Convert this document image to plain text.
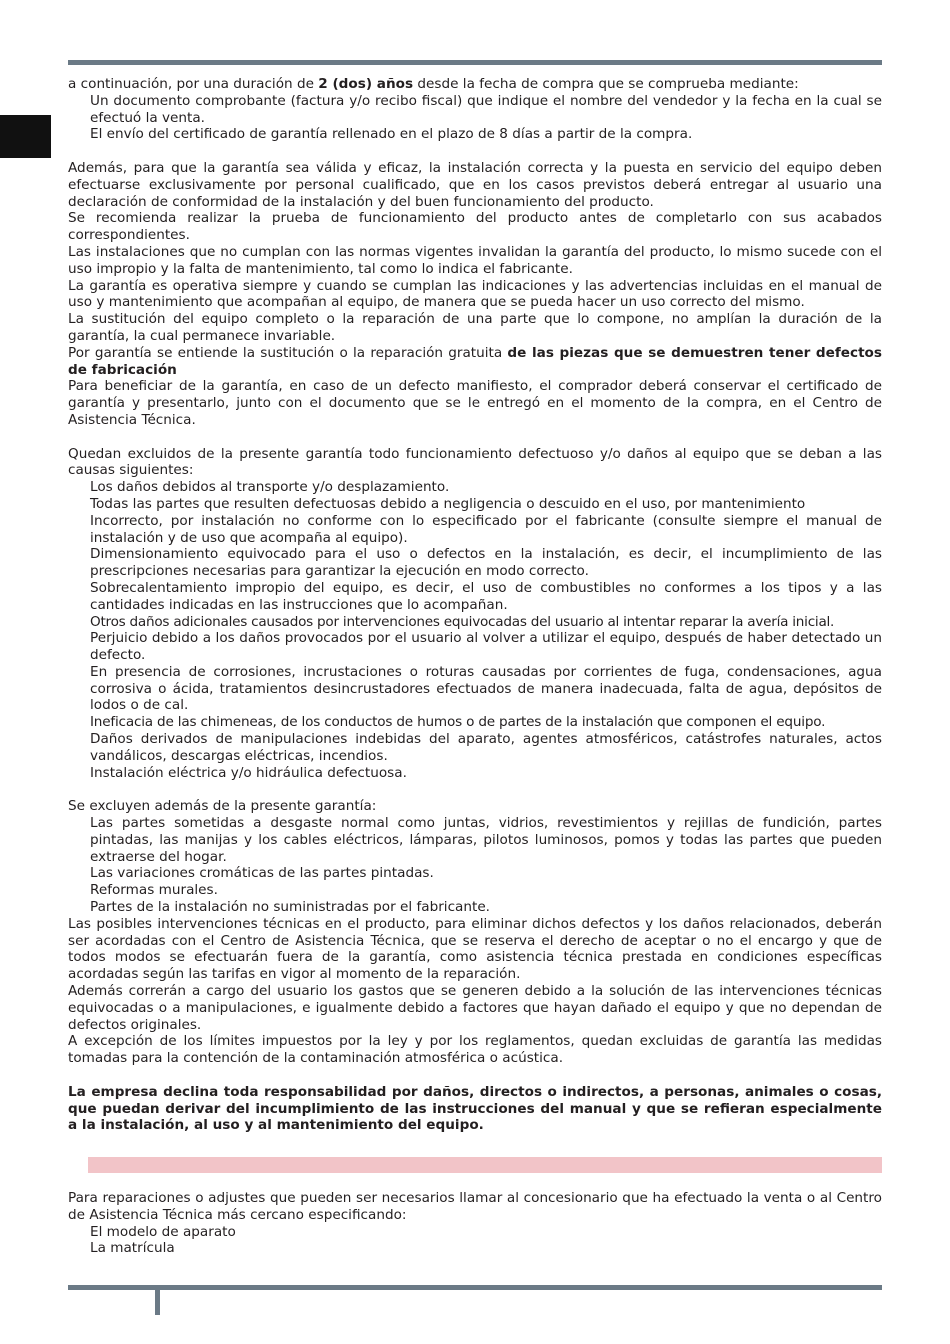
a continuación, por una duración de 2 (dos) años desde la fecha de compra que se comprueba mediante:

Un documento comprobante (factura y/o recibo fiscal) que indique el nombre del vendedor y la fecha en la cual se efectuó la venta.

El envío del certificado de garantía rellenado en el plazo de 8 días a partir de la compra.

Además, para que la garantía sea válida y eficaz, la instalación correcta y la puesta en servicio del equipo deben efectuarse exclusivamente por personal cualificado, que en los casos previstos deberá entregar al usuario una declaración de conformidad de la instalación y del buen funcionamiento del producto.

Se recomienda realizar la prueba de funcionamiento del producto antes de completarlo con sus acabados correspondientes.

Las instalaciones que no cumplan con las normas vigentes invalidan la garantía del producto, lo mismo sucede con el uso impropio y la falta de mantenimiento, tal como lo indica el fabricante.

La garantía es operativa siempre y cuando se cumplan las indicaciones y las advertencias incluidas en el manual de uso y mantenimiento que acompañan al equipo, de manera que se pueda hacer un uso correcto del mismo.

La sustitución del equipo completo o la reparación de una parte que lo compone, no amplían la duración de la garantía, la cual permanece invariable.

Por garantía se entiende la sustitución o la reparación gratuita de las piezas que se demuestren tener defectos de fabricación

Para beneficiar de la garantía, en caso de un defecto manifiesto, el comprador deberá conservar el certificado de garantía y presentarlo, junto con el documento que se le entregó en el momento de la compra, en el Centro de Asistencia Técnica.

Quedan excluidos de la presente garantía todo funcionamiento defectuoso y/o daños al equipo que se deban a las causas siguientes:

Los daños debidos al transporte y/o desplazamiento.

Todas las partes que resulten defectuosas debido a negligencia o descuido en el uso, por mantenimiento

Incorrecto, por instalación no conforme con lo especificado por el fabricante (consulte siempre el manual de instalación y de uso que acompaña al equipo).

Dimensionamiento equivocado para el uso o defectos en la instalación, es decir, el incumplimiento de las prescripciones necesarias para garantizar la ejecución en modo correcto.

Sobrecalentamiento impropio del equipo, es decir, el uso de combustibles no conformes a los tipos y a las cantidades indicadas en las instrucciones que lo acompañan.

Otros daños adicionales causados por intervenciones equivocadas del usuario al intentar reparar la avería inicial.

Perjuicio debido a los daños provocados por el usuario al volver a utilizar el equipo, después de haber detectado un defecto.

En presencia de corrosiones, incrustaciones o roturas causadas por corrientes de fuga, condensaciones, agua corrosiva o ácida, tratamientos desincrustadores efectuados de manera inadecuada, falta de agua, depósitos de lodos o de cal.

Ineficacia de las chimeneas, de los conductos de humos o de partes de la instalación que componen el equipo.

Daños derivados de manipulaciones indebidas del aparato, agentes atmosféricos, catástrofes naturales, actos vandálicos, descargas eléctricas, incendios.

Instalación eléctrica y/o hidráulica defectuosa.

Se excluyen además de la presente garantía:

Las partes sometidas a desgaste normal como juntas, vidrios, revestimientos y rejillas de fundición, partes pintadas, las manijas y los cables eléctricos, lámparas, pilotos luminosos, pomos y todas las partes que pueden extraerse del hogar.

Las variaciones cromáticas de las partes pintadas.

Reformas murales.

Partes de la instalación no suministradas por el fabricante.

Las posibles intervenciones técnicas en el producto, para eliminar dichos defectos y los daños relacionados, deberán ser acordadas con el Centro de Asistencia Técnica, que se reserva el derecho de aceptar o no el encargo y que de todos modos se efectuarán fuera de la garantía, como asistencia técnica prestada en condiciones específicas acordadas según las tarifas en vigor al momento de la reparación.

Además correrán a cargo del usuario los gastos que se generen debido a la solución de las intervenciones técnicas equivocadas o a manipulaciones, e igualmente debido a factores que hayan dañado el equipo y que no dependan de defectos originales.

A excepción de los límites impuestos por la ley y por los reglamentos, quedan excluidas de garantía las medidas tomadas para la contención de la contaminación atmosférica o acústica.

La empresa declina toda responsabilidad por daños, directos o indirectos, a personas, animales o cosas, que puedan derivar del incumplimiento de las instrucciones del manual y que se refieran especialmente a la instalación, al uso y al mantenimiento del equipo.

Para reparaciones o adjustes que pueden ser necesarios llamar al concesionario que ha efectuado la venta o al Centro de Asistencia Técnica más cercano especificando:

El modelo de aparato

La matrícula
